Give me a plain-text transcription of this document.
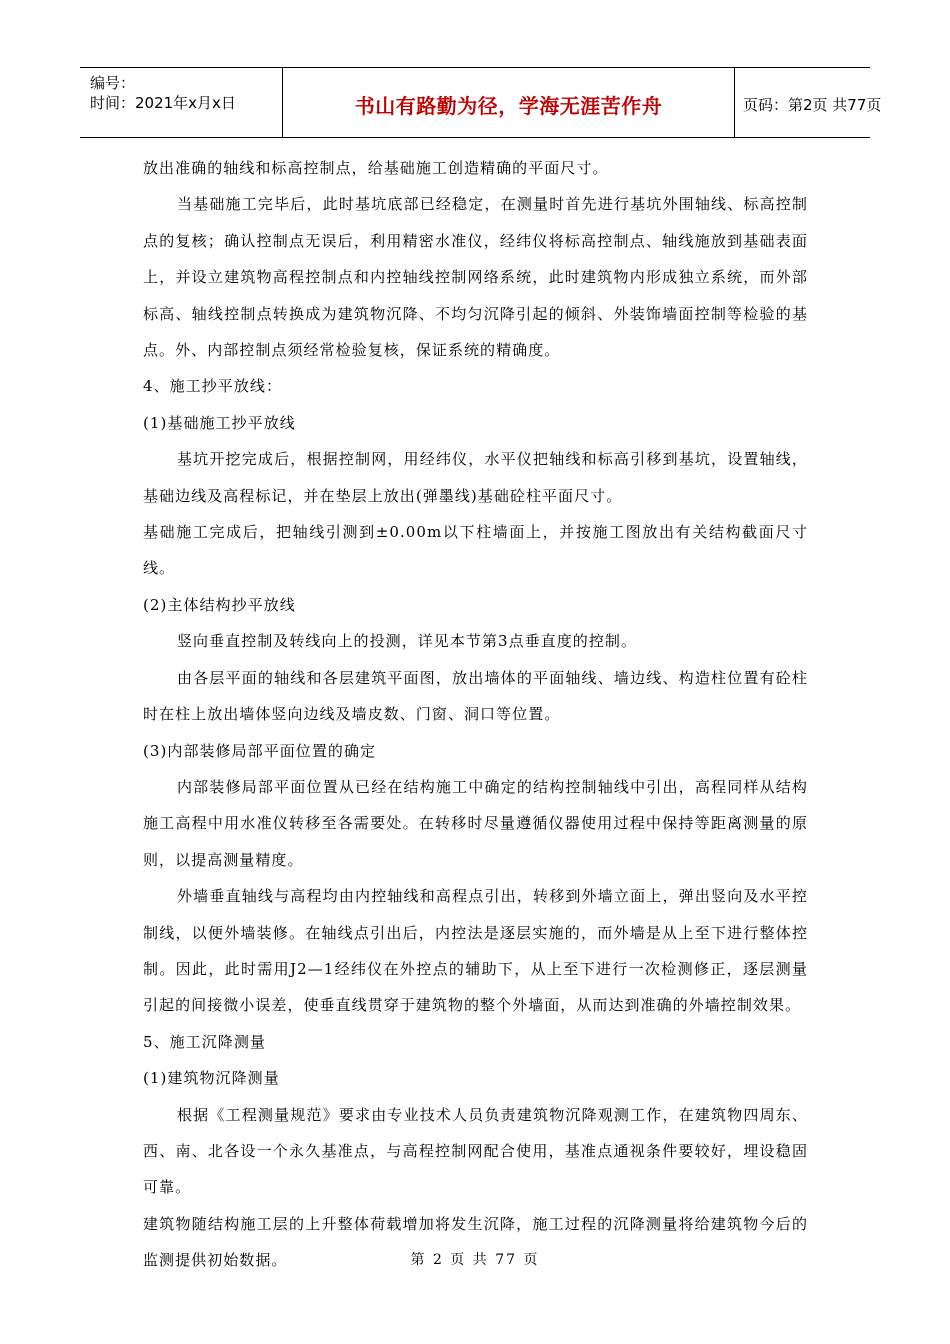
编号：
时间：2021年x月x日	书山有路勤为径，学海无涯苦作舟	页码：第2页 共77页

放出准确的轴线和标高控制点，给基础施工创造精确的平面尺寸。

当基础施工完毕后，此时基坑底部已经稳定，在测量时首先进行基坑外围轴线、标高控制点的复核；确认控制点无误后，利用精密水准仪，经纬仪将标高控制点、轴线施放到基础表面上，并设立建筑物高程控制点和内控轴线控制网络系统，此时建筑物内形成独立系统，而外部标高、轴线控制点转换成为建筑物沉降、不均匀沉降引起的倾斜、外装饰墙面控制等检验的基点。外、内部控制点须经常检验复核，保证系统的精确度。

4、施工抄平放线：

(1)基础施工抄平放线

基坑开挖完成后，根据控制网，用经纬仪，水平仪把轴线和标高引移到基坑，设置轴线，基础边线及高程标记，并在垫层上放出(弹墨线)基础砼柱平面尺寸。

基础施工完成后，把轴线引测到±0.00m以下柱墙面上，并按施工图放出有关结构截面尺寸线。

(2)主体结构抄平放线

竖向垂直控制及转线向上的投测，详见本节第3点垂直度的控制。

由各层平面的轴线和各层建筑平面图，放出墙体的平面轴线、墙边线、构造柱位置有砼柱时在柱上放出墙体竖向边线及墙皮数、门窗、洞口等位置。

(3)内部装修局部平面位置的确定

内部装修局部平面位置从已经在结构施工中确定的结构控制轴线中引出，高程同样从结构施工高程中用水准仪转移至各需要处。在转移时尽量遵循仪器使用过程中保持等距离测量的原则，以提高测量精度。

外墙垂直轴线与高程均由内控轴线和高程点引出，转移到外墙立面上，弹出竖向及水平控制线，以便外墙装修。在轴线点引出后，内控法是逐层实施的，而外墙是从上至下进行整体控制。因此，此时需用J2—1经纬仪在外控点的辅助下，从上至下进行一次检测修正，逐层测量引起的间接微小误差，使垂直线贯穿于建筑物的整个外墙面，从而达到准确的外墙控制效果。

5、施工沉降测量

(1)建筑物沉降测量

根据《工程测量规范》要求由专业技术人员负责建筑物沉降观测工作，在建筑物四周东、西、南、北各设一个永久基准点，与高程控制网配合使用，基准点通视条件要较好，埋设稳固可靠。

建筑物随结构施工层的上升整体荷载增加将发生沉降，施工过程的沉降测量将给建筑物今后的监测提供初始数据。	第 2 页 共 77 页
